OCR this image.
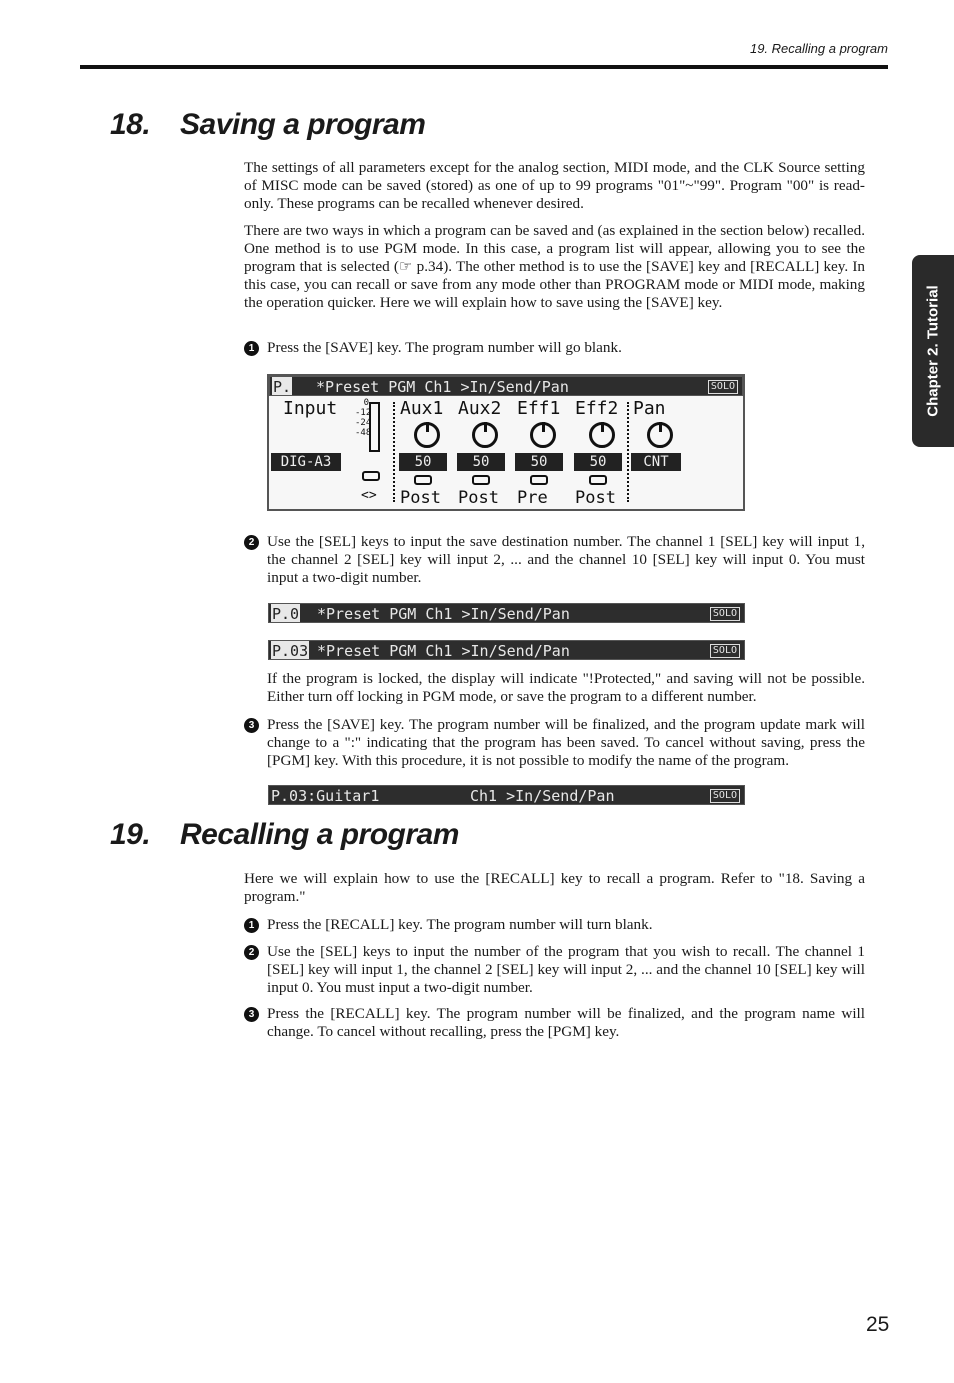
19. Recalling a program
Chapter 2. Tutorial
18. Saving a program
The settings of all parameters except for the analog section, MIDI mode, and the CLK Source setting of MISC mode can be saved (stored) as one of up to 99 programs "01"~"99". Program "00" is read-only. These programs can be recalled whenever desired.
There are two ways in which a program can be saved and (as explained in the section below) recalled. One method is to use PGM mode. In this case, a program list will appear, allowing you to see the program that is selected (☞ p.34). The other method is to use the [SAVE] key and [RECALL] key. In this case, you can recall or save from any mode other than PROGRAM mode or MIDI mode, making the operation quicker. Here we will explain how to save using the [SAVE] key.
1 Press the [SAVE] key. The program number will go blank.
P. *Preset PGM Ch1 >In/Send/Pan	SOLO
Input	0
-12
-24
-48
Aux1 Aux2 Eff1 Eff2 Pan
DIG-A3	50	50	50	50	CNT
<> Post Post Pre Post
2 Use the [SEL] keys to input the save destination number. The channel 1 [SEL] key will input 1, the channel 2 [SEL] key will input 2, ... and the channel 10 [SEL] key will input 0. You must input a two-digit number.
P.0 *Preset PGM Ch1 >In/Send/Pan	SOLO
P.03 *Preset PGM Ch1 >In/Send/Pan	SOLO
If the program is locked, the display will indicate "!Protected," and saving will not be possible. Either turn off locking in PGM mode, or save the program to a different number.
3 Press the [SAVE] key. The program number will be finalized, and the program update mark will change to a ":" indicating that the program has been saved. To cancel without saving, press the [PGM] key. With this procedure, it is not possible to modify the name of the program.
P.03:Guitar1	Ch1 >In/Send/Pan	SOLO
19. Recalling a program
Here we will explain how to use the [RECALL] key to recall a program. Refer to "18. Saving a program."
1 Press the [RECALL] key. The program number will turn blank.
2 Use the [SEL] keys to input the number of the program that you wish to recall. The channel 1 [SEL] key will input 1, the channel 2 [SEL] key will input 2, ... and the channel 10 [SEL] key will input 0. You must input a two-digit number.
3 Press the [RECALL] key. The program number will be finalized, and the program name will change. To cancel without recalling, press the [PGM] key.
25
